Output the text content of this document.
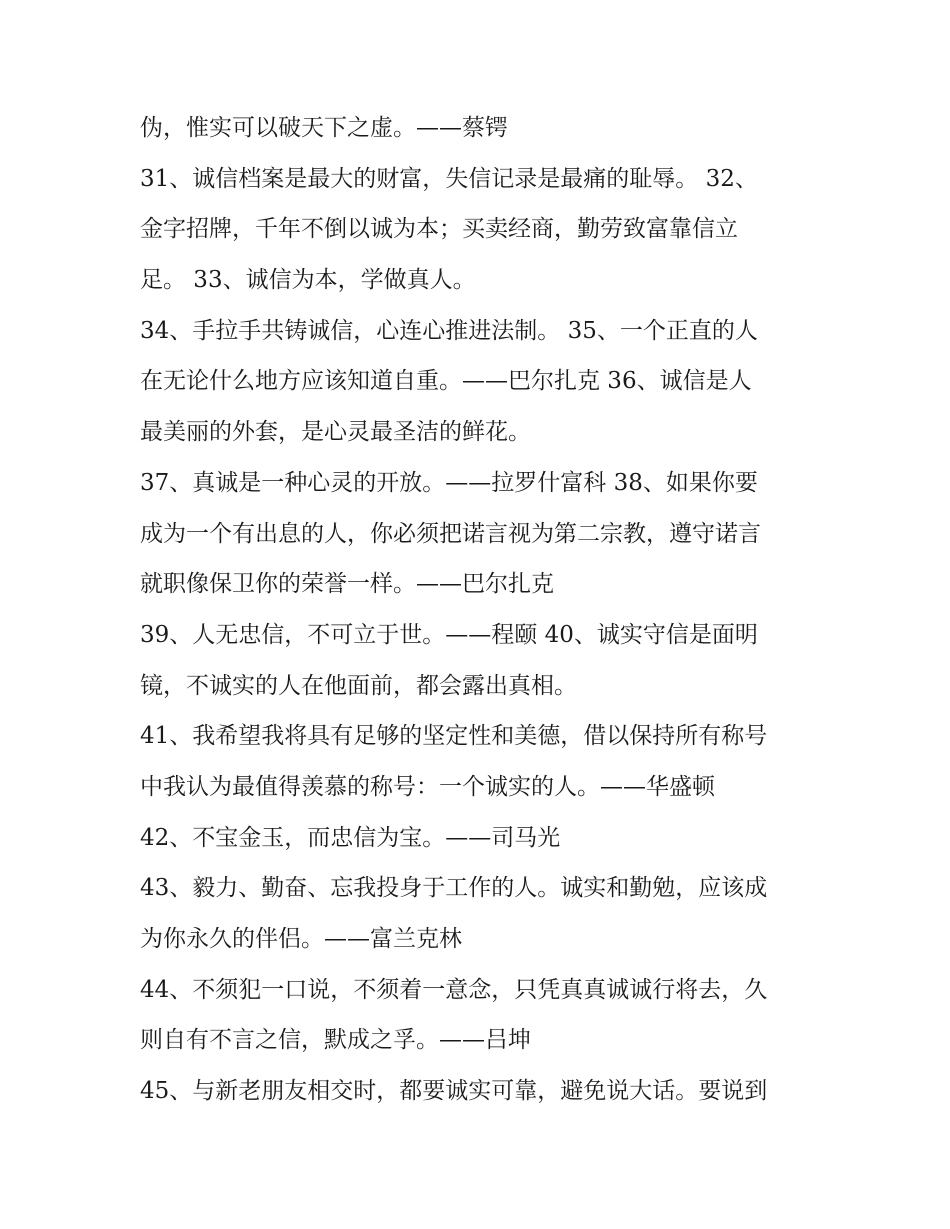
伪，惟实可以破天下之虚。——蔡锷
31、诚信档案是最大的财富，失信记录是最痛的耻辱。 32、
金字招牌，千年不倒以诚为本；买卖经商，勤劳致富靠信立
足。 33、诚信为本，学做真人。
34、手拉手共铸诚信，心连心推进法制。 35、一个正直的人
在无论什么地方应该知道自重。——巴尔扎克 36、诚信是人
最美丽的外套，是心灵最圣洁的鲜花。
37、真诚是一种心灵的开放。——拉罗什富科 38、如果你要
成为一个有出息的人，你必须把诺言视为第二宗教，遵守诺言
就职像保卫你的荣誉一样。——巴尔扎克
39、人无忠信，不可立于世。——程颐 40、诚实守信是面明
镜，不诚实的人在他面前，都会露出真相。
41、我希望我将具有足够的坚定性和美德，借以保持所有称号
中我认为最值得羡慕的称号：一个诚实的人。——华盛顿
42、不宝金玉，而忠信为宝。——司马光
43、毅力、勤奋、忘我投身于工作的人。诚实和勤勉，应该成
为你永久的伴侣。——富兰克林
44、不须犯一口说，不须着一意念，只凭真真诚诚行将去，久
则自有不言之信，默成之孚。——吕坤
45、与新老朋友相交时，都要诚实可靠，避免说大话。要说到
